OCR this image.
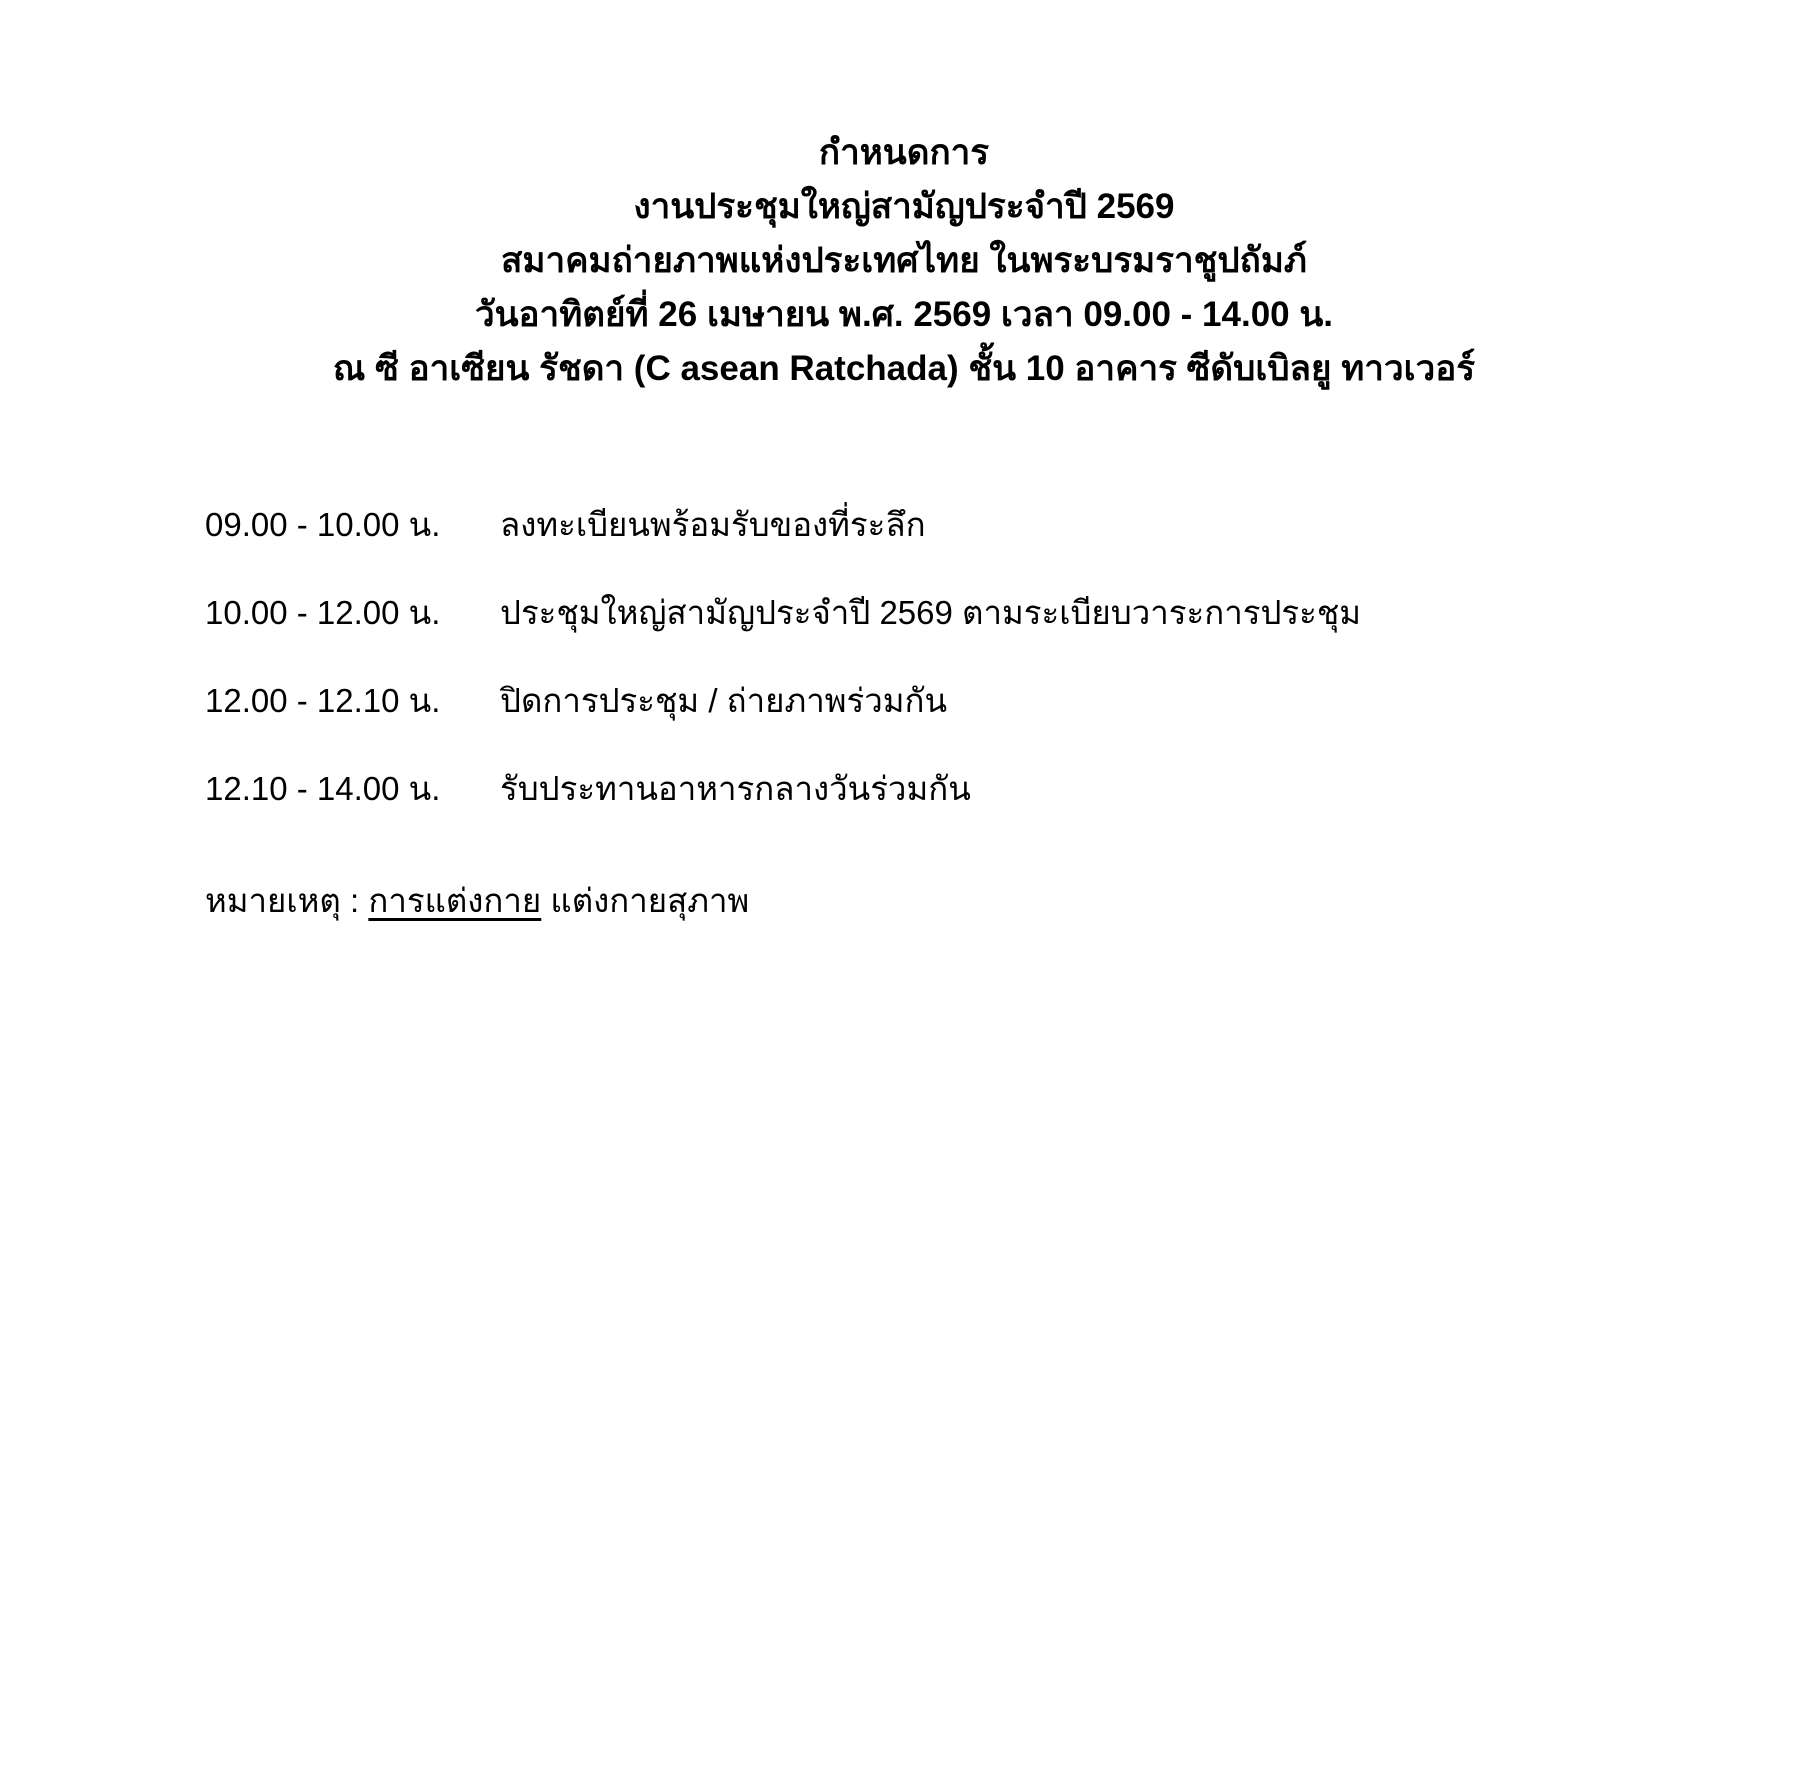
กำหนดการ
งานประชุมใหญ่สามัญประจำปี 2569
สมาคมถ่ายภาพแห่งประเทศไทย ในพระบรมราชูปถัมภ์
วันอาทิตย์ที่ 26 เมษายน พ.ศ. 2569 เวลา 09.00 - 14.00 น.
ณ ซี อาเซียน รัชดา (C asean Ratchada) ชั้น 10 อาคาร ซีดับเบิลยู ทาวเวอร์
09.00 - 10.00 น.	ลงทะเบียนพร้อมรับของที่ระลึก
10.00 - 12.00 น.	ประชุมใหญ่สามัญประจำปี 2569 ตามระเบียบวาระการประชุม
12.00 - 12.10 น.	ปิดการประชุม / ถ่ายภาพร่วมกัน
12.10 - 14.00 น.	รับประทานอาหารกลางวันร่วมกัน
หมายเหตุ : การแต่งกาย แต่งกายสุภาพ
